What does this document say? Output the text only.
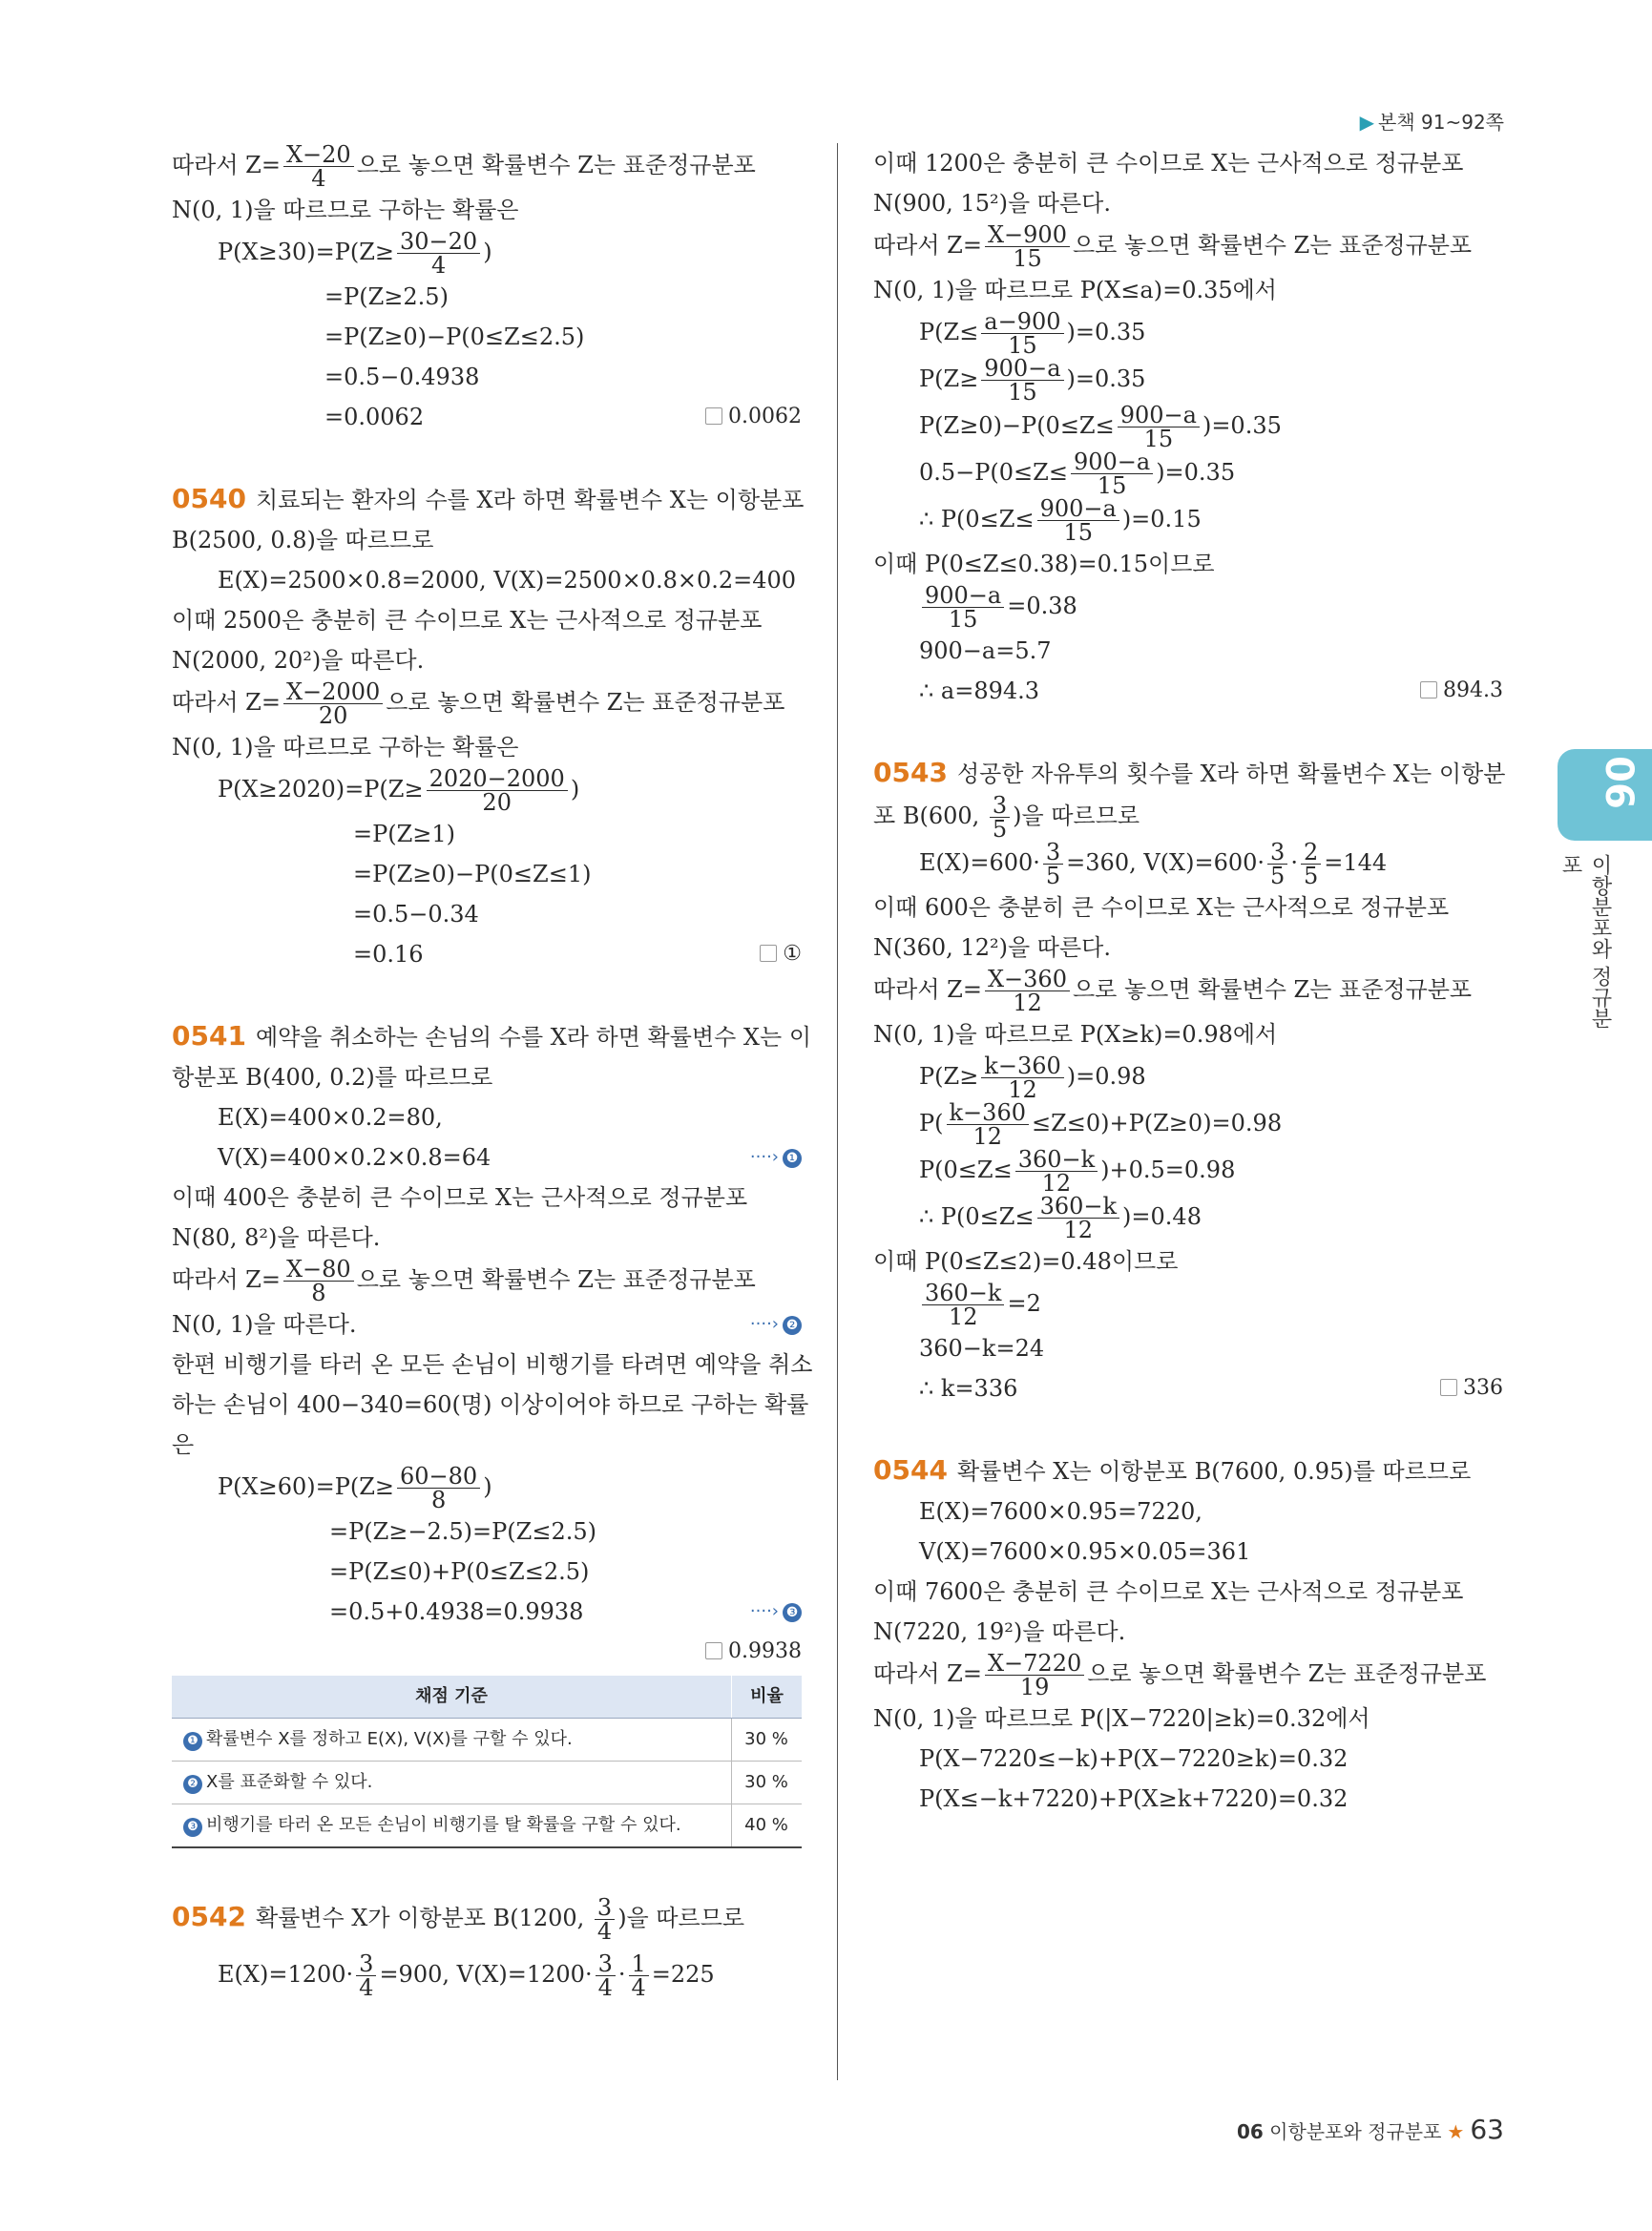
▶ 본책 91~92쪽
따라서 $Z= \frac{X-20}{4}$ 으로 놓으면 확률변수 Z는 표준정규분포
N(0, 1)을 따르므로 구하는 확률은
$P(X\ge 30)=P(Z\ge \frac{30-20}{4}$ )
=P(Z≥2.5)
=P(Z≥0)−P(0≤Z≤2.5)
=0.5−0.4938
=0.0062	0.0062
0540 치료되는 환자의 수를 X라 하면 확률변수 X는 이항분포
B(2500, 0.8)을 따르므로
E(X)=2500×0.8=2000, V(X)=2500×0.8×0.2=400
이때 2500은 충분히 큰 수이므로 X는 근사적으로 정규분포
N(2000, 20²)을 따른다.
따라서 $Z= \frac{X-2000}{20}$ 으로 놓으면 확률변수 Z는 표준정규분포
N(0, 1)을 따르므로 구하는 확률은
$P(X\ge 2020)=P(Z\ge \frac{2020-2000}{20}$ )
=P(Z≥1)
=P(Z≥0)−P(0≤Z≤1)
=0.5−0.34
=0.16	①
0541 예약을 취소하는 손님의 수를 X라 하면 확률변수 X는 이
항분포 B(400, 0.2)를 따르므로
E(X)=400×0.2=80,
V(X)=400×0.2×0.8=64	····› ❶
이때 400은 충분히 큰 수이므로 X는 근사적으로 정규분포
N(80, 8²)을 따른다.
따라서 $Z= \frac{X-80}{8}$ 으로 놓으면 확률변수 Z는 표준정규분포
N(0, 1)을 따른다.	····› ❷
한편 비행기를 타러 온 모든 손님이 비행기를 타려면 예약을 취소
하는 손님이 400−340=60(명) 이상이어야 하므로 구하는 확률
은
$P(X\ge 60)=P(Z\ge \frac{60-80}{8}$ )
=P(Z≥−2.5)=P(Z≤2.5)
=P(Z≤0)+P(0≤Z≤2.5)
=0.5+0.4938=0.9938	····› ❸
0.9938

채점 기준	비율
❶ 확률변수 X를 정하고 E(X), V(X)를 구할 수 있다.	30 %
❷ X를 표준화할 수 있다.	30 %
❸ 비행기를 타러 온 모든 손님이 비행기를 탈 확률을 구할 수 있다.	40 %
0542 확률변수 X가 이항분포 B(1200, $\frac{3}{4}$ )을 따르므로
$E(X)=1200\cdot \frac{3}{4} =900$, $V(X)=1200\cdot \frac{3}{4} \cdot \frac{1}{4} =225$
이때 1200은 충분히 큰 수이므로 X는 근사적으로 정규분포
N(900, 15²)을 따른다.
따라서 $Z= \frac{X-900}{15}$ 으로 놓으면 확률변수 Z는 표준정규분포
N(0, 1)을 따르므로 P(X≤a)=0.35에서
$P(Z\le \frac{a-900}{15} )=0.35$
$P(Z\ge \frac{900-a}{15} )=0.35$
$P(Z\ge 0)-P(0\le Z\le \frac{900-a}{15} )=0.35$
$0.5-P(0\le Z\le \frac{900-a}{15} )=0.35$
∴ $P(0\le Z\le \frac{900-a}{15} )=0.15$
이때 P(0≤Z≤0.38)=0.15이므로
$\frac{900-a}{15} =0.38$
900−a=5.7
∴ a=894.3	894.3
0543 성공한 자유투의 횟수를 X라 하면 확률변수 X는 이항분
포 B(600, $\frac{3}{5}$ )을 따르므로
$E(X)=600\cdot \frac{3}{5} =360$, $V(X)=600\cdot \frac{3}{5} \cdot \frac{2}{5} =144$
이때 600은 충분히 큰 수이므로 X는 근사적으로 정규분포
N(360, 12²)을 따른다.
따라서 $Z= \frac{X-360}{12}$ 으로 놓으면 확률변수 Z는 표준정규분포
N(0, 1)을 따르므로 P(X≥k)=0.98에서
$P(Z\ge \frac{k-360}{12} )=0.98$
$P( \frac{k-360}{12} \le Z\le 0)+P(Z\ge 0)=0.98$
$P(0\le Z\le \frac{360-k}{12} )+0.5=0.98$
∴ $P(0\le Z\le \frac{360-k}{12} )=0.48$
이때 P(0≤Z≤2)=0.48이므로
$\frac{360-k}{12} =2$
360−k=24
∴ k=336	336
0544 확률변수 X는 이항분포 B(7600, 0.95)를 따르므로
E(X)=7600×0.95=7220,
V(X)=7600×0.95×0.05=361
이때 7600은 충분히 큰 수이므로 X는 근사적으로 정규분포
N(7220, 19²)을 따른다.
따라서 $Z= \frac{X-7220}{19}$ 으로 놓으면 확률변수 Z는 표준정규분포
N(0, 1)을 따르므로 P(|X−7220|≥k)=0.32에서
P(X−7220≤−k)+P(X−7220≥k)=0.32
P(X≤−k+7220)+P(X≥k+7220)=0.32
06
이항분포와 정규분포
06 이항분포와 정규분포 ★ 63
